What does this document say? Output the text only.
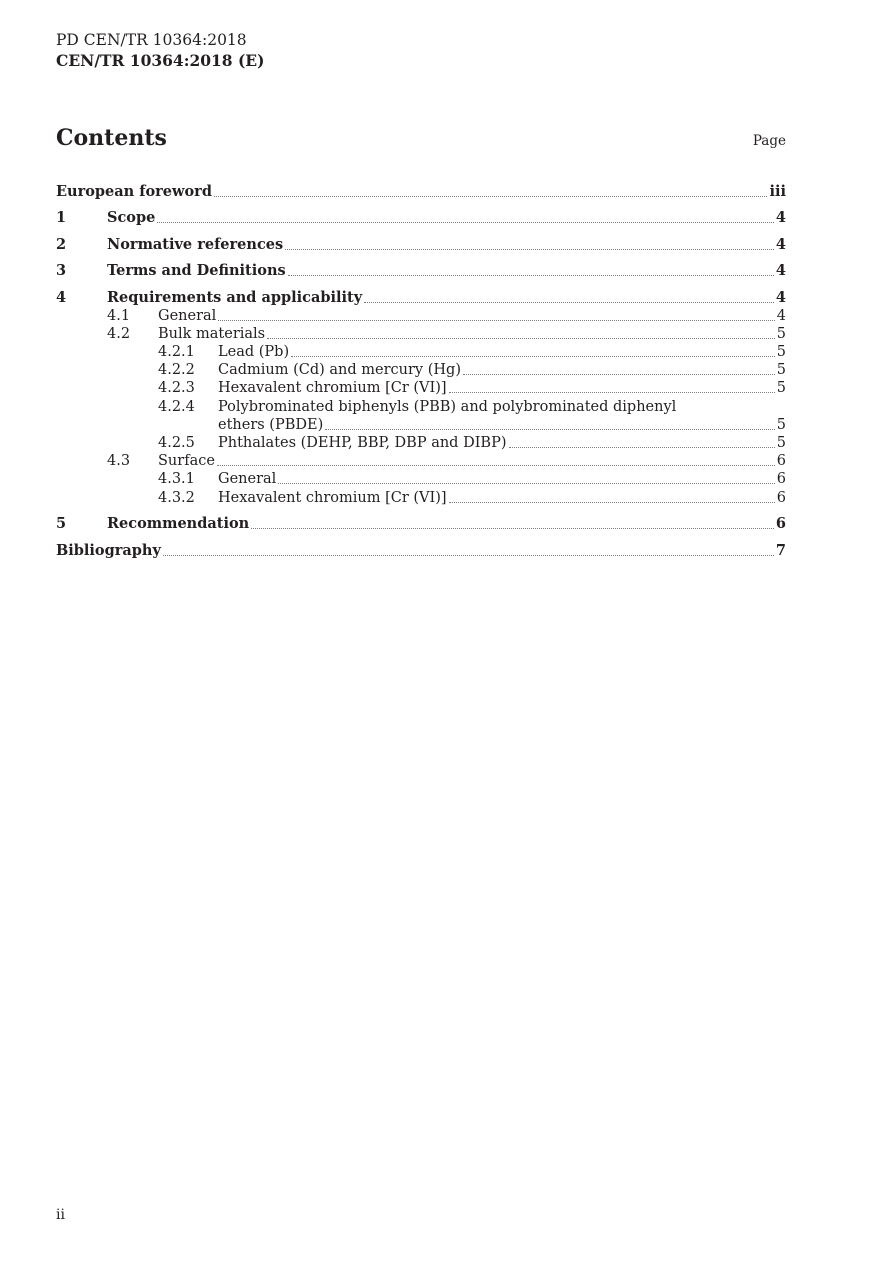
PD CEN/TR 10364:2018
CEN/TR 10364:2018 (E)
Contents	Page
European foreword	iii
1	Scope	4
2	Normative references	4
3	Terms and Definitions	4
4	Requirements and applicability	4
4.1	General	4
4.2	Bulk materials	5
4.2.1	Lead (Pb)	5
4.2.2	Cadmium (Cd) and mercury (Hg)	5
4.2.3	Hexavalent chromium [Cr (VI)]	5
4.2.4 Polybrominated biphenyls (PBB) and polybrominated diphenyl
ethers (PBDE)	5
4.2.5	Phthalates (DEHP, BBP, DBP and DIBP)	5
4.3	Surface	6
4.3.1	General	6
4.3.2	Hexavalent chromium [Cr (VI)]	6
5	Recommendation	6
Bibliography	7
ii
